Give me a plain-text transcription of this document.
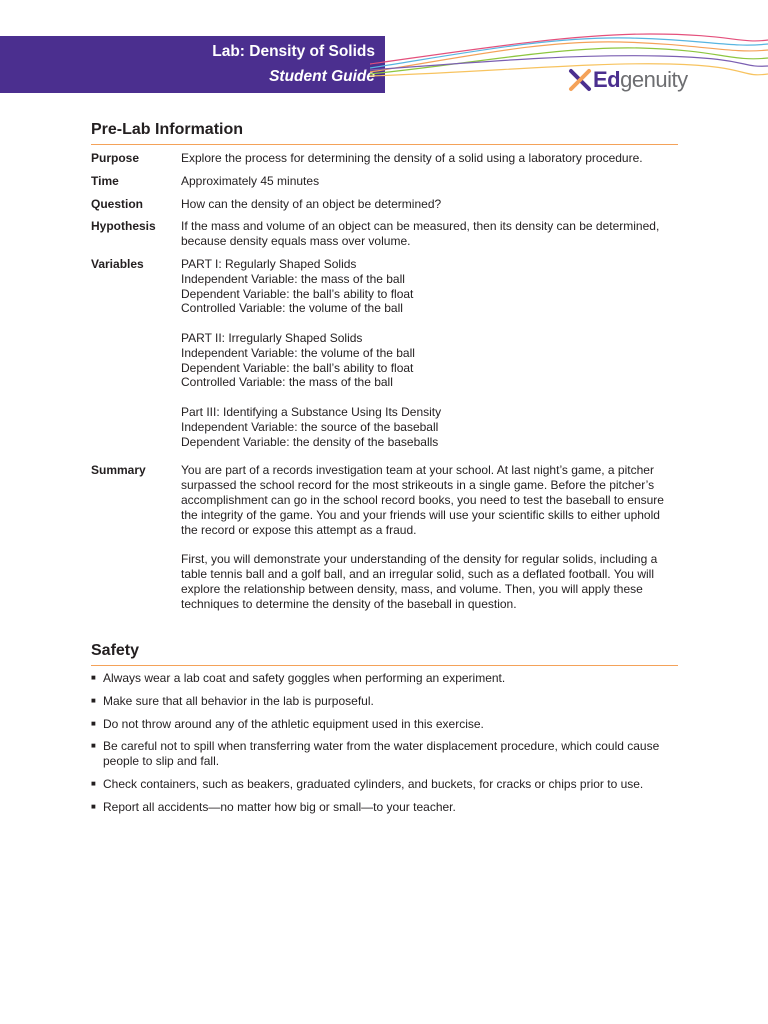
Lab: Density of Solids
Student Guide	Ed genuity
Pre-Lab Information
Purpose	Explore the process for determining the density of a solid using a laboratory procedure.
Time	Approximately 45 minutes
Question	How can the density of an object be determined?
Hypothesis	If the mass and volume of an object can be measured, then its density can be determined, because density equals mass over volume.
Variables	PART I: Regularly Shaped Solids

Independent Variable: the mass of the ball

Dependent Variable: the ball’s ability to float

Controlled Variable: the volume of the ball

PART II: Irregularly Shaped Solids

Independent Variable: the volume of the ball

Dependent Variable: the ball’s ability to float

Controlled Variable: the mass of the ball

Part III: Identifying a Substance Using Its Density

Independent Variable: the source of the baseball

Dependent Variable: the density of the baseballs

Summary	You are part of a records investigation team at your school. At last night’s game, a pitcher surpassed the school record for the most strikeouts in a single game. Before the pitcher’s accomplishment can go in the school record books, you need to test the baseball to ensure the integrity of the game. You and your friends will use your scientific skills to either uphold the record or expose this attempt as a fraud.

First, you will demonstrate your understanding of the density for regular solids, including a table tennis ball and a golf ball, and an irregular solid, such as a deflated football. You will explore the relationship between density, mass, and volume. Then, you will apply these techniques to determine the density of the baseball in question.

Safety
■ Always wear a lab coat and safety goggles when performing an experiment.
■ Make sure that all behavior in the lab is purposeful.
■ Do not throw around any of the athletic equipment used in this exercise.
■ Be careful not to spill when transferring water from the water displacement procedure, which could cause people to slip and fall.
■ Check containers, such as beakers, graduated cylinders, and buckets, for cracks or chips prior to use.
■ Report all accidents—no matter how big or small—to your teacher.
